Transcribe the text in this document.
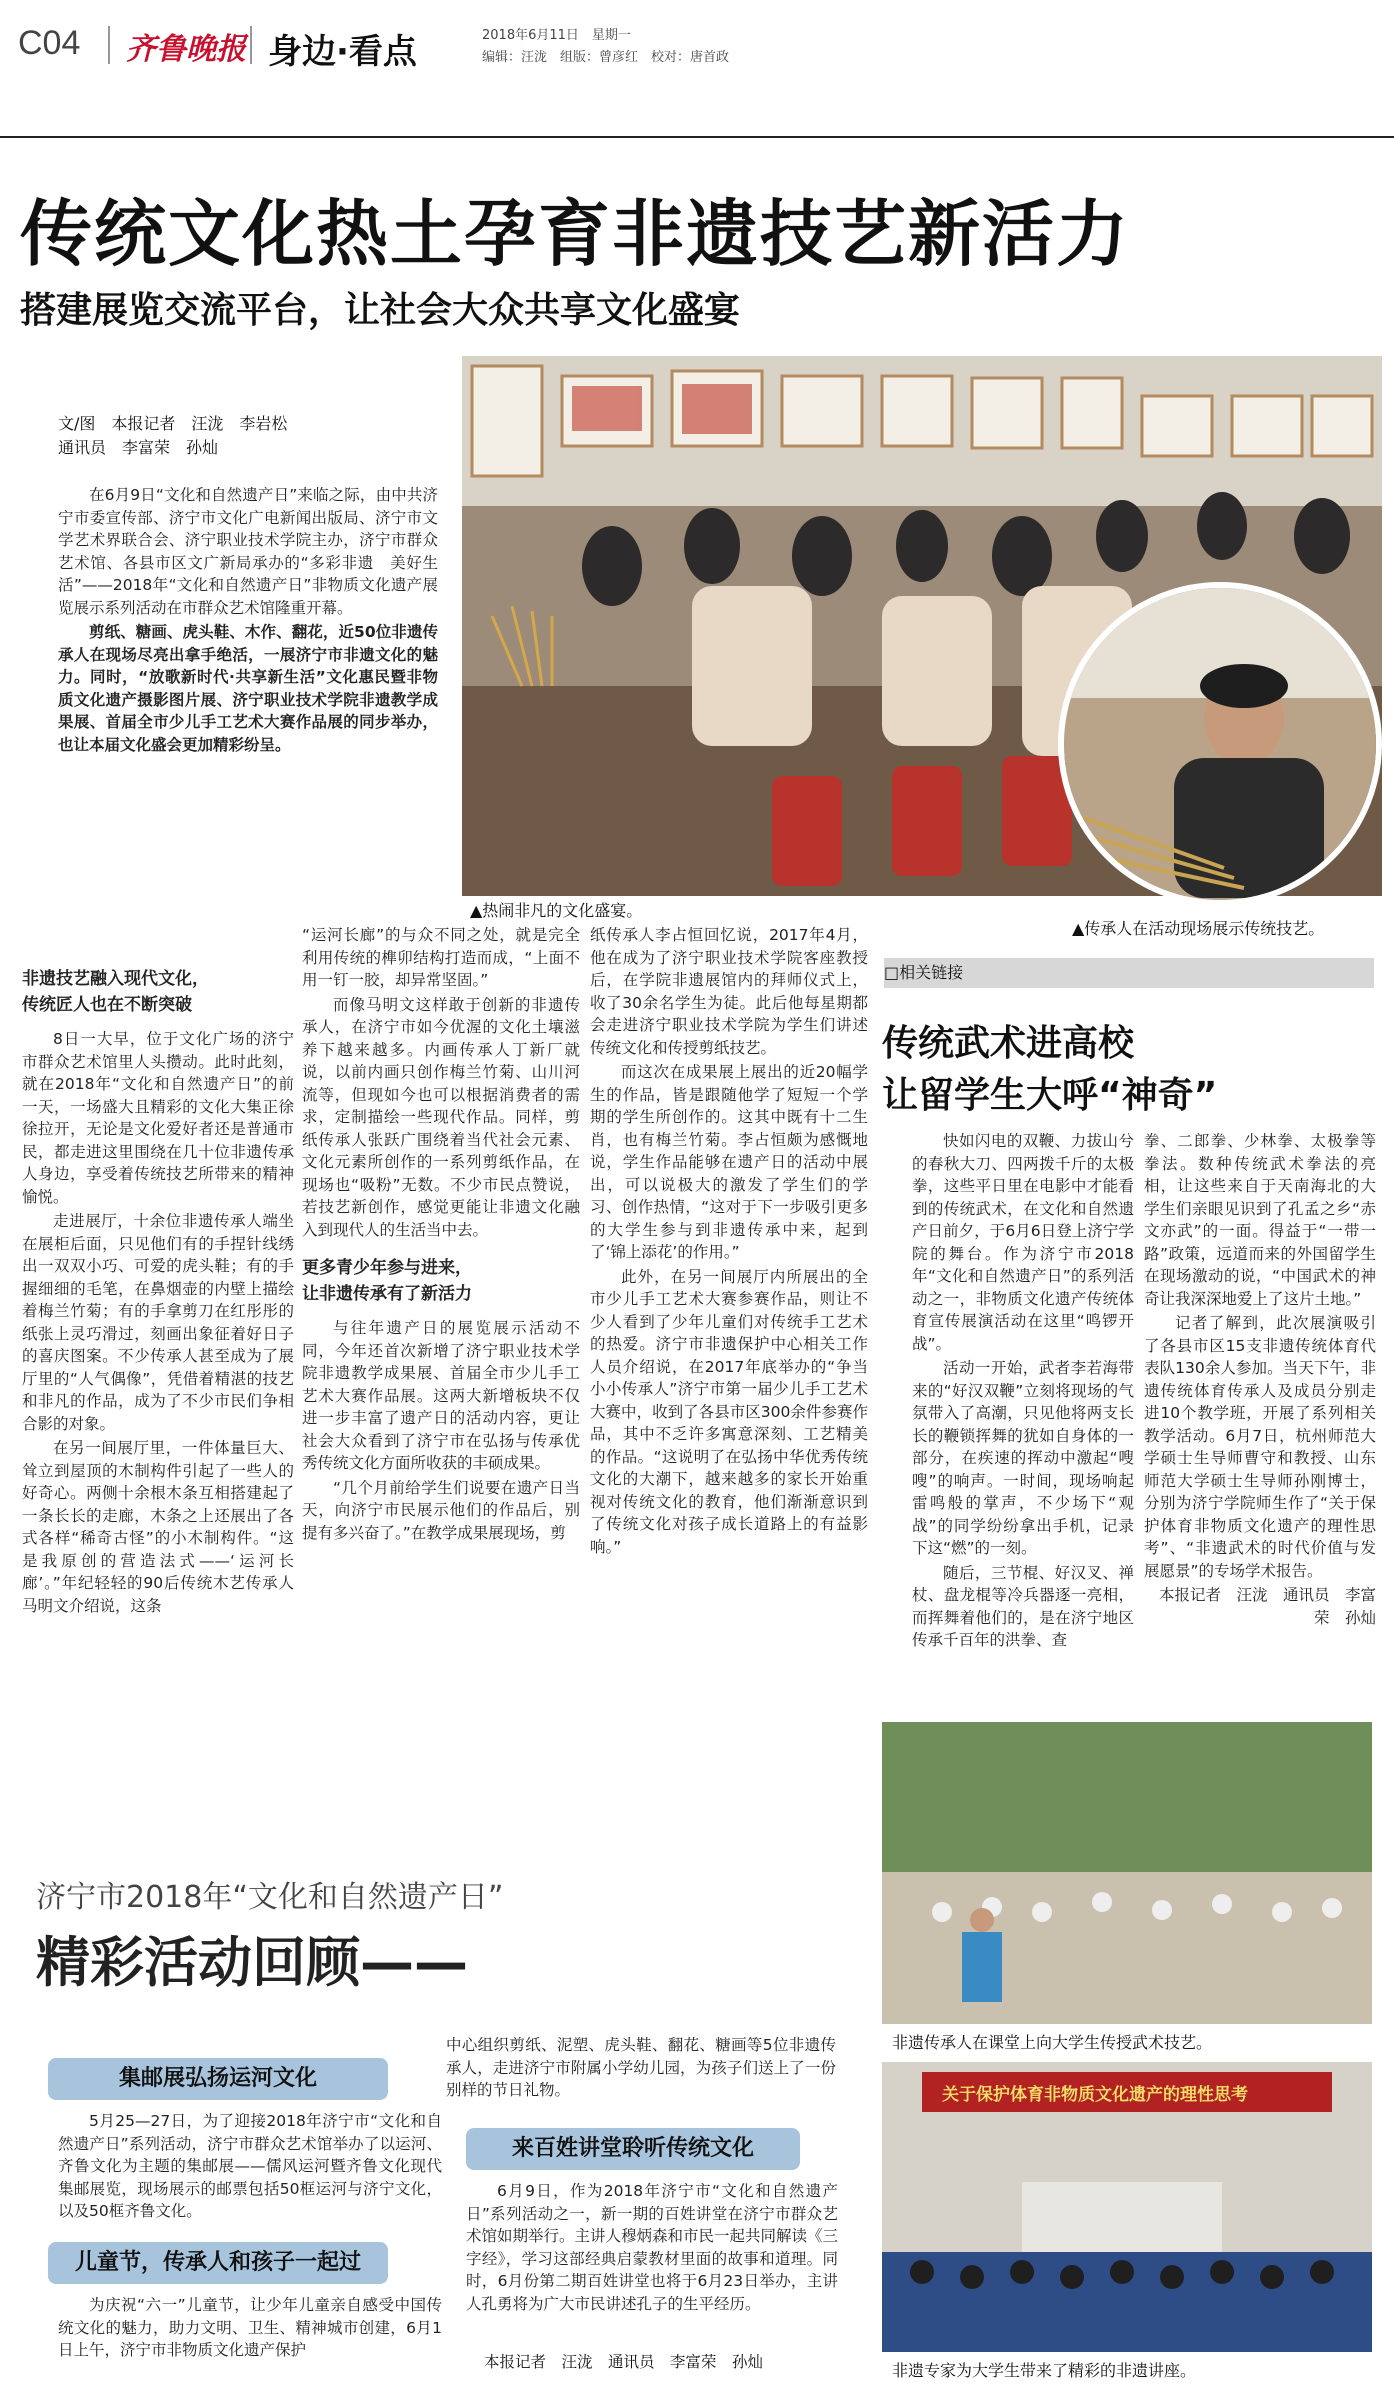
C04 齐鲁晚报 身边·看点	2018年6月11日　星期一
编辑：汪泷　组版：曾彦红　校对：唐首政
传统文化热土孕育非遗技艺新活力
搭建展览交流平台，让社会大众共享文化盛宴
文/图　本报记者　汪泷　李岩松
通讯员　李富荣　孙灿

在6月9日“文化和自然遗产日”来临之际，由中共济宁市委宣传部、济宁市文化广电新闻出版局、济宁市文学艺术界联合会、济宁职业技术学院主办，济宁市群众艺术馆、各县市区文广新局承办的“多彩非遗　美好生活”——2018年“文化和自然遗产日”非物质文化遗产展览展示系列活动在市群众艺术馆隆重开幕。

剪纸、糖画、虎头鞋、木作、翻花，近50位非遗传承人在现场尽亮出拿手绝活，一展济宁市非遗文化的魅力。同时，“放歌新时代·共享新生活”文化惠民暨非物质文化遗产摄影图片展、济宁职业技术学院非遗教学成果展、首届全市少儿手工艺术大赛作品展的同步举办，也让本届文化盛会更加精彩纷呈。

▲热闹非凡的文化盛宴。
▲传承人在活动现场展示传统技艺。
非遗技艺融入现代文化，
传统匠人也在不断突破

8日一大早，位于文化广场的济宁市群众艺术馆里人头攒动。此时此刻，就在2018年“文化和自然遗产日”的前一天，一场盛大且精彩的文化大集正徐徐拉开，无论是文化爱好者还是普通市民，都走进这里围绕在几十位非遗传承人身边，享受着传统技艺所带来的精神愉悦。

走进展厅，十余位非遗传承人端坐在展柜后面，只见他们有的手捏针线绣出一双双小巧、可爱的虎头鞋；有的手握细细的毛笔，在鼻烟壶的内壁上描绘着梅兰竹菊；有的手拿剪刀在红彤彤的纸张上灵巧滑过，刻画出象征着好日子的喜庆图案。不少传承人甚至成为了展厅里的“人气偶像”，凭借着精湛的技艺和非凡的作品，成为了不少市民们争相合影的对象。

在另一间展厅里，一件体量巨大、耸立到屋顶的木制构件引起了一些人的好奇心。两侧十余根木条互相搭建起了一条长长的走廊，木条之上还展出了各式各样“稀奇古怪”的小木制构件。“这是我原创的营造法式——‘运河长廊’。”年纪轻轻的90后传统木艺传承人马明文介绍说，这条

“运河长廊”的与众不同之处，就是完全利用传统的榫卯结构打造而成，“上面不用一钉一胶，却异常坚固。”

而像马明文这样敢于创新的非遗传承人，在济宁市如今优渥的文化土壤滋养下越来越多。内画传承人丁新厂就说，以前内画只创作梅兰竹菊、山川河流等，但现如今也可以根据消费者的需求，定制描绘一些现代作品。同样，剪纸传承人张跃广围绕着当代社会元素、文化元素所创作的一系列剪纸作品，在现场也“吸粉”无数。不少市民点赞说，若技艺新创作，感觉更能让非遗文化融入到现代人的生活当中去。

更多青少年参与进来，
让非遗传承有了新活力

与往年遗产日的展览展示活动不同，今年还首次新增了济宁职业技术学院非遗教学成果展、首届全市少儿手工艺术大赛作品展。这两大新增板块不仅进一步丰富了遗产日的活动内容，更让社会大众看到了济宁市在弘扬与传承优秀传统文化方面所收获的丰硕成果。

“几个月前给学生们说要在遗产日当天，向济宁市民展示他们的作品后，别提有多兴奋了。”在教学成果展现场，剪

纸传承人李占恒回忆说，2017年4月，他在成为了济宁职业技术学院客座教授后，在学院非遗展馆内的拜师仪式上，收了30余名学生为徒。此后他每星期都会走进济宁职业技术学院为学生们讲述传统文化和传授剪纸技艺。

而这次在成果展上展出的近20幅学生的作品，皆是跟随他学了短短一个学期的学生所创作的。这其中既有十二生肖，也有梅兰竹菊。李占恒颇为感慨地说，学生作品能够在遗产日的活动中展出，可以说极大的激发了学生们的学习、创作热情，“这对于下一步吸引更多的大学生参与到非遗传承中来，起到了‘锦上添花’的作用。”

此外，在另一间展厅内所展出的全市少儿手工艺术大赛参赛作品，则让不少人看到了少年儿童们对传统手工艺术的热爱。济宁市非遗保护中心相关工作人员介绍说，在2017年底举办的“争当小小传承人”济宁市第一届少儿手工艺术大赛中，收到了各县市区300余件参赛作品，其中不乏许多寓意深刻、工艺精美的作品。“这说明了在弘扬中华优秀传统文化的大潮下，越来越多的家长开始重视对传统文化的教育，他们渐渐意识到了传统文化对孩子成长道路上的有益影响。”

□相关链接
传统武术进高校
让留学生大呼“神奇”

快如闪电的双鞭、力拔山兮的春秋大刀、四两拨千斤的太极拳，这些平日里在电影中才能看到的传统武术，在文化和自然遗产日前夕，于6月6日登上济宁学院的舞台。作为济宁市2018年“文化和自然遗产日”的系列活动之一，非物质文化遗产传统体育宣传展演活动在这里“鸣锣开战”。

活动一开始，武者李若海带来的“好汉双鞭”立刻将现场的气氛带入了高潮，只见他将两支长长的鞭锁挥舞的犹如自身体的一部分，在疾速的挥动中激起“嗖嗖”的响声。一时间，现场响起雷鸣般的掌声，不少场下“观战”的同学纷纷拿出手机，记录下这“燃”的一刻。

随后，三节棍、好汉叉、禅杖、盘龙棍等冷兵器逐一亮相，而挥舞着他们的，是在济宁地区传承千百年的洪拳、查

拳、二郎拳、少林拳、太极拳等拳法。数种传统武术拳法的亮相，让这些来自于天南海北的大学生们亲眼见识到了孔孟之乡“赤文亦武”的一面。得益于“一带一路”政策，远道而来的外国留学生在现场激动的说，“中国武术的神奇让我深深地爱上了这片土地。”

记者了解到，此次展演吸引了各县市区15支非遗传统体育代表队130余人参加。当天下午，非遗传统体育传承人及成员分别走进10个教学班，开展了系列相关教学活动。6月7日，杭州师范大学硕士生导师曹守和教授、山东师范大学硕士生导师孙刚博士，分别为济宁学院师生作了“关于保护体育非物质文化遗产的理性思考”、“非遗武术的时代价值与发展愿景”的专场学术报告。

本报记者　汪泷　通讯员　李富荣　孙灿

非遗传承人在课堂上向大学生传授武术技艺。
关于保护体育非物质文化遗产的理性思考
非遗专家为大学生带来了精彩的非遗讲座。
济宁市2018年“文化和自然遗产日”
精彩活动回顾——
集邮展弘扬运河文化

5月25—27日，为了迎接2018年济宁市“文化和自然遗产日”系列活动，济宁市群众艺术馆举办了以运河、齐鲁文化为主题的集邮展——儒风运河暨齐鲁文化现代集邮展览，现场展示的邮票包括50框运河与济宁文化，以及50框齐鲁文化。

儿童节，传承人和孩子一起过

为庆祝“六一”儿童节，让少年儿童亲自感受中国传统文化的魅力，助力文明、卫生、精神城市创建，6月1日上午，济宁市非物质文化遗产保护

中心组织剪纸、泥塑、虎头鞋、翻花、糖画等5位非遗传承人，走进济宁市附属小学幼儿园，为孩子们送上了一份别样的节日礼物。

来百姓讲堂聆听传统文化

6月9日，作为2018年济宁市“文化和自然遗产日”系列活动之一，新一期的百姓讲堂在济宁市群众艺术馆如期举行。主讲人穆炳森和市民一起共同解读《三字经》，学习这部经典启蒙教材里面的故事和道理。同时，6月份第二期百姓讲堂也将于6月23日举办，主讲人孔勇将为广大市民讲述孔子的生平经历。

本报记者　汪泷　通讯员　李富荣　孙灿
